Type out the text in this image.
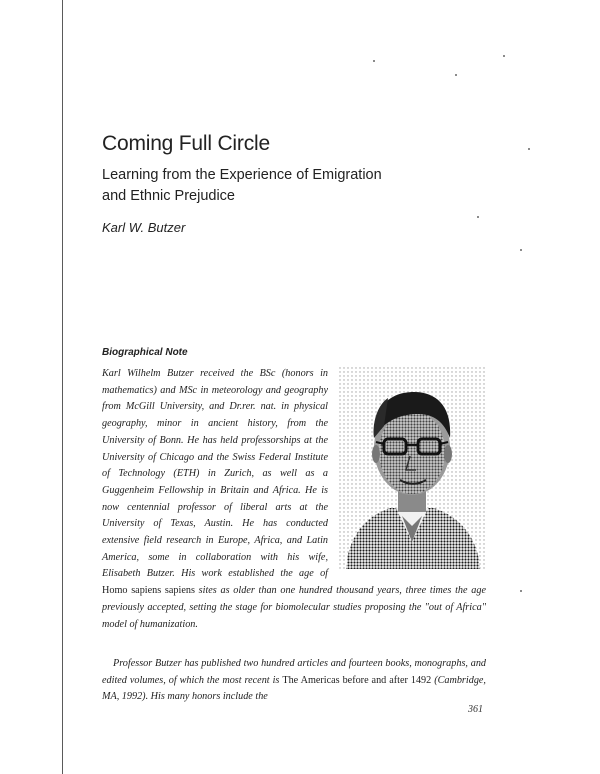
Coming Full Circle
Learning from the Experience of Emigration and Ethnic Prejudice

Karl W. Butzer

Biographical Note

Karl Wilhelm Butzer received the BSc (honors in mathematics) and MSc in meteorology and geography from McGill University, and Dr.rer. nat. in physical geography, minor in ancient history, from the University of Bonn. He has held professorships at the University of Chicago and the Swiss Federal Institute of Technology (ETH) in Zurich, as well as a Guggenheim Fellowship in Britain and Africa. He is now centennial professor of liberal arts at the University of Texas, Austin. He has conducted extensive field research in Europe, Africa, and Latin America, some in collaboration with his wife, Elisabeth Butzer. His work established the age of Homo sapiens sapiens sites as older than one hundred thousand years, three times the age previously accepted, setting the stage for biomolecular studies proposing the "out of Africa" model of humanization.

Professor Butzer has published two hundred articles and fourteen books, monographs, and edited volumes, of which the most recent is The Americas before and after 1492 (Cambridge, MA, 1992). His many honors include the

361
